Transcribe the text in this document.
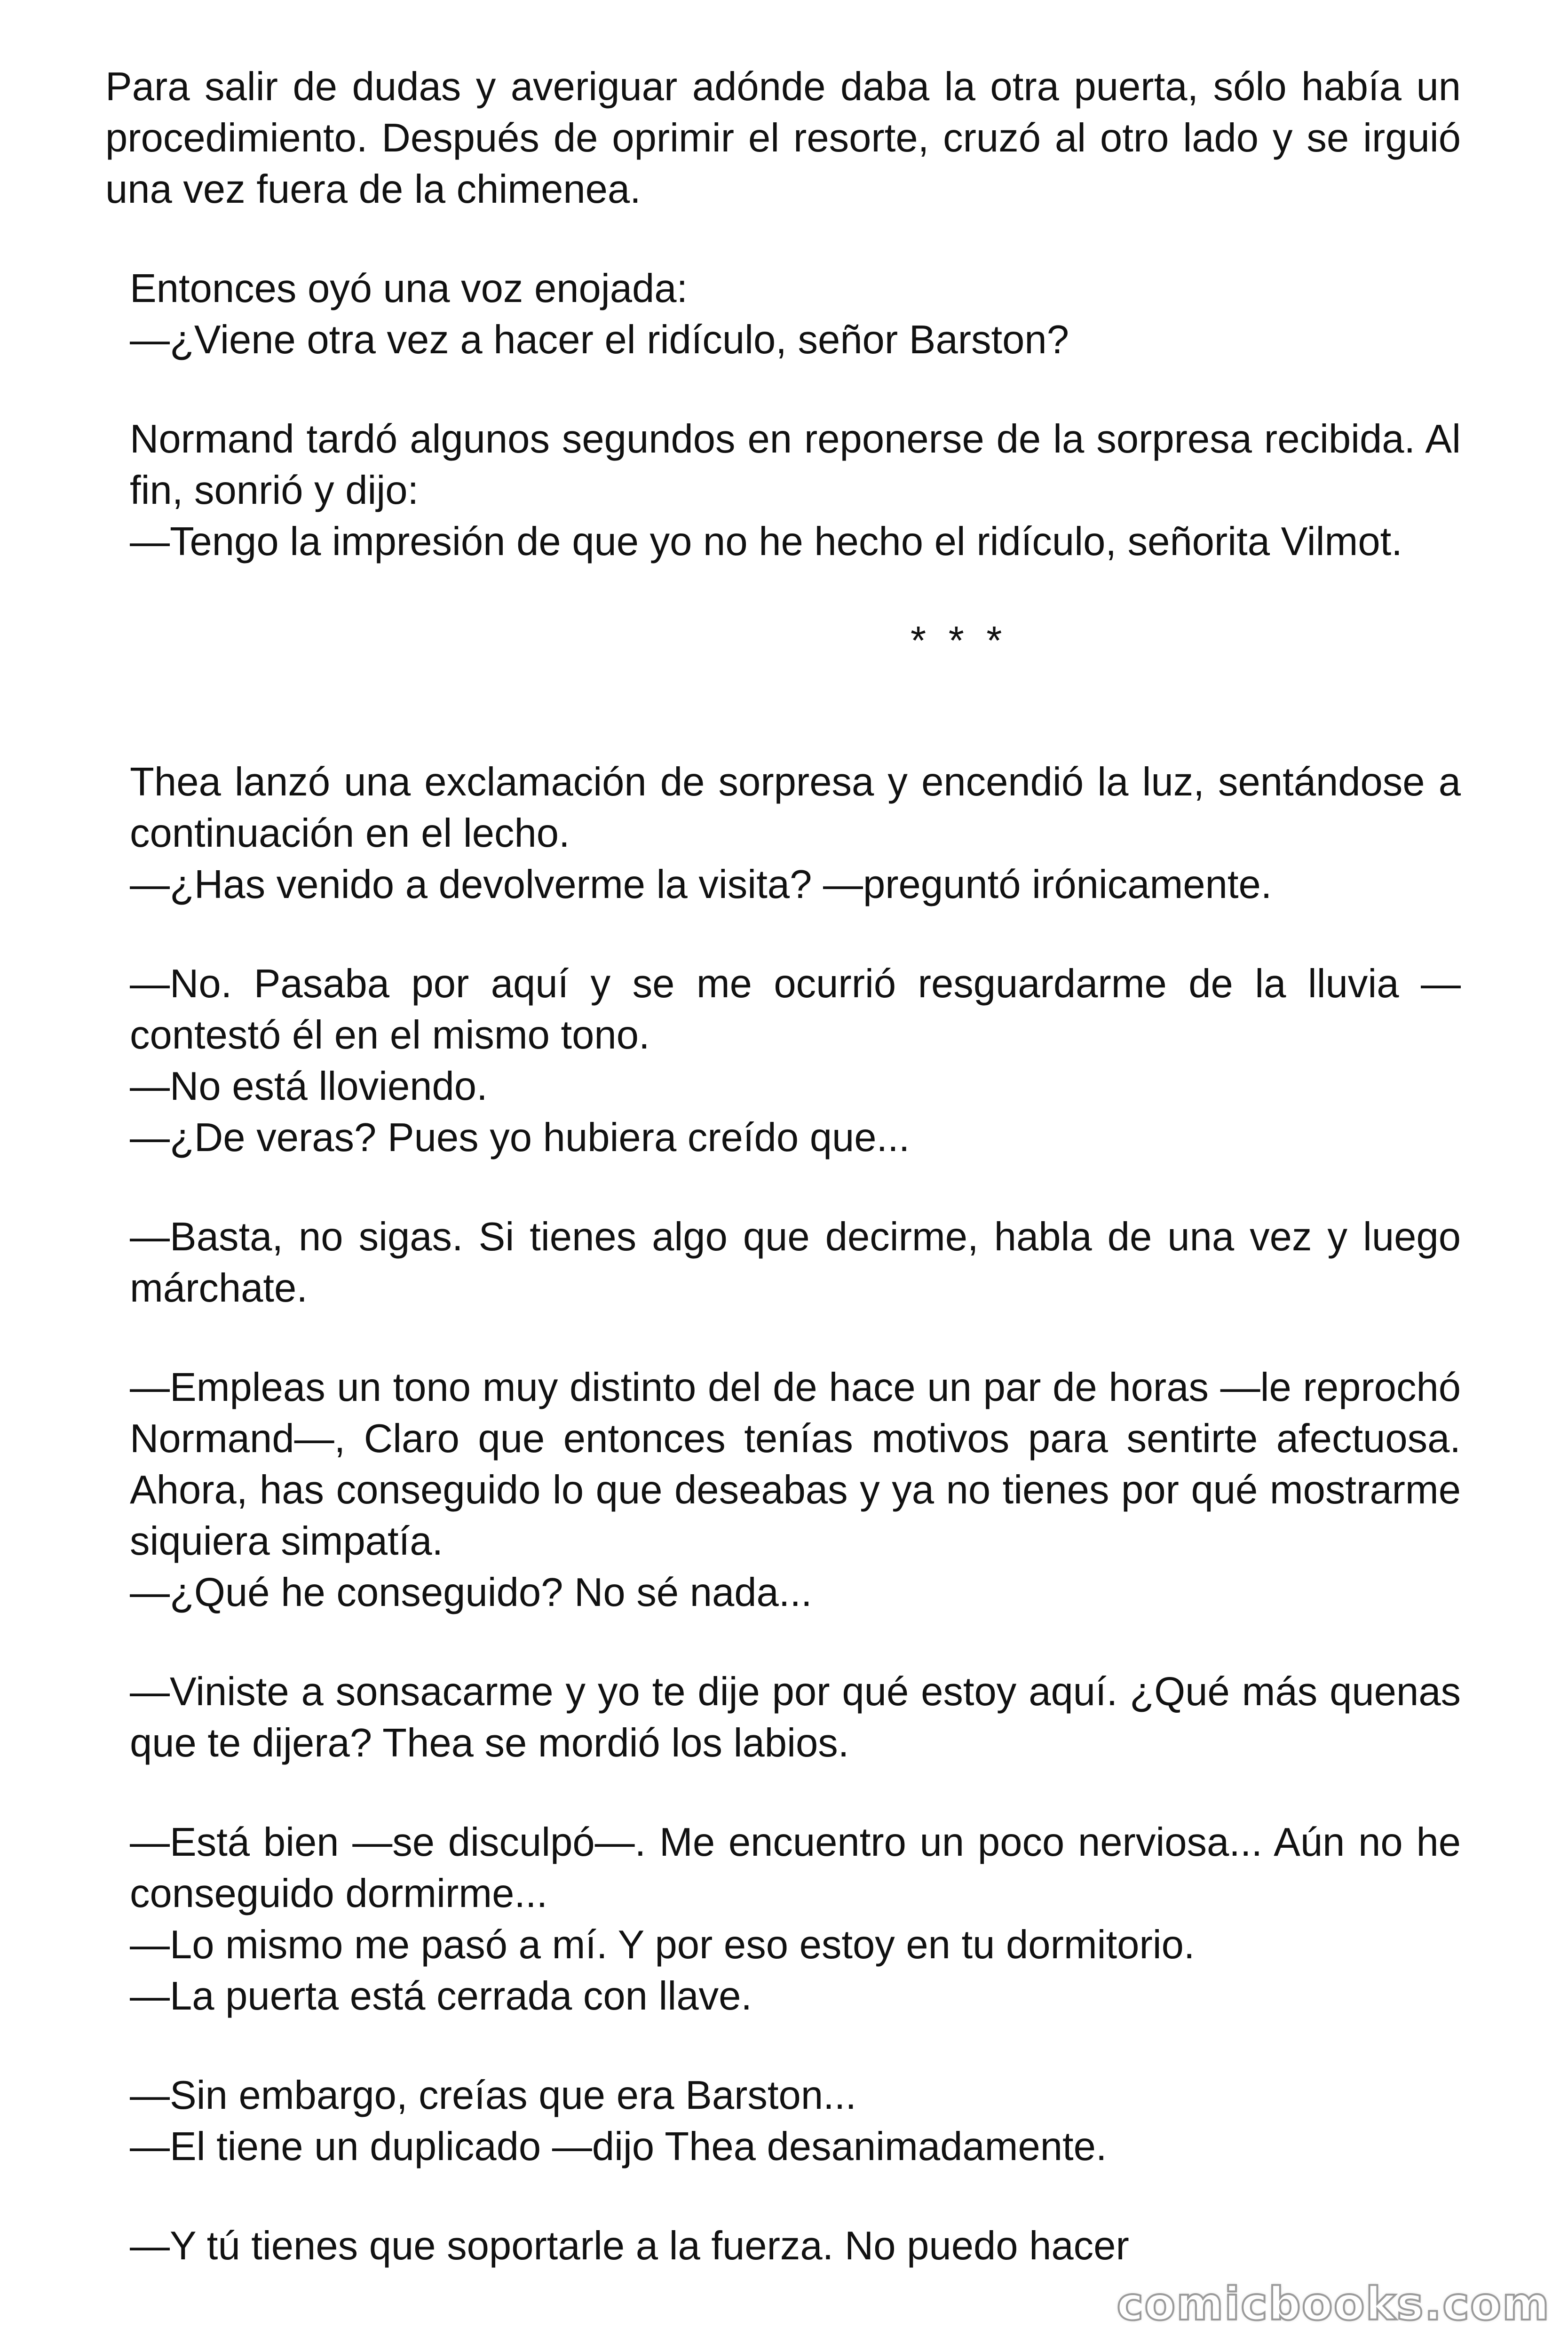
Para salir de dudas y averiguar adónde daba la otra puerta, sólo había un procedimiento. Después de oprimir el resorte, cruzó al otro lado y se irguió una vez fuera de la chimenea.

Entonces oyó una voz enojada:
—¿Viene otra vez a hacer el ridículo, señor Barston?

Normand tardó algunos segundos en reponerse de la sorpresa recibida. Al fin, sonrió y dijo:
—Tengo la impresión de que yo no he hecho el ridículo, señorita Vilmot.

* * *

Thea lanzó una exclamación de sorpresa y encendió la luz, sentándose a continuación en el lecho.
—¿Has venido a devolverme la visita? —preguntó irónicamente.

—No. Pasaba por aquí y se me ocurrió resguardarme de la lluvia —contestó él en el mismo tono.
—No está lloviendo.
—¿De veras? Pues yo hubiera creído que...

—Basta, no sigas. Si tienes algo que decirme, habla de una vez y luego márchate.

—Empleas un tono muy distinto del de hace un par de horas —le reprochó Normand—, Claro que entonces tenías motivos para sentirte afectuosa. Ahora, has conseguido lo que deseabas y ya no tienes por qué mostrarme siquiera simpatía.
—¿Qué he conseguido? No sé nada...

—Viniste a sonsacarme y yo te dije por qué estoy aquí. ¿Qué más quenas que te dijera? Thea se mordió los labios.

—Está bien —se disculpó—. Me encuentro un poco nerviosa... Aún no he conseguido dormirme...
—Lo mismo me pasó a mí. Y por eso estoy en tu dormitorio.
—La puerta está cerrada con llave.

—Sin embargo, creías que era Barston...
—El tiene un duplicado —dijo Thea desanimadamente.

—Y tú tienes que soportarle a la fuerza. No puedo hacer

comicbooks.com
